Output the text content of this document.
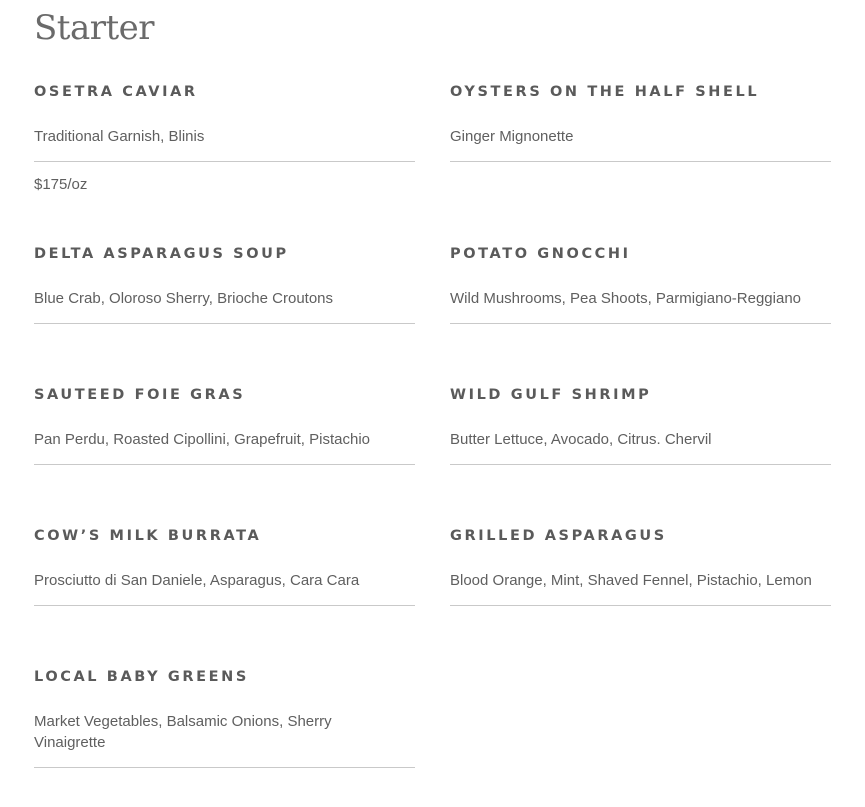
Starter
OSETRA CAVIAR

Traditional Garnish, Blinis

$175/oz

OYSTERS ON THE HALF SHELL

Ginger Mignonette

DELTA ASPARAGUS SOUP

Blue Crab, Oloroso Sherry, Brioche Croutons

POTATO GNOCCHI

Wild Mushrooms, Pea Shoots, Parmigiano-Reggiano

SAUTEED FOIE GRAS

Pan Perdu, Roasted Cipollini, Grapefruit, Pistachio

WILD GULF SHRIMP

Butter Lettuce, Avocado, Citrus. Chervil

COW’S MILK BURRATA

Prosciutto di San Daniele, Asparagus, Cara Cara

GRILLED ASPARAGUS

Blood Orange, Mint, Shaved Fennel, Pistachio, Lemon

LOCAL BABY GREENS

Market Vegetables, Balsamic Onions, Sherry Vinaigrette
